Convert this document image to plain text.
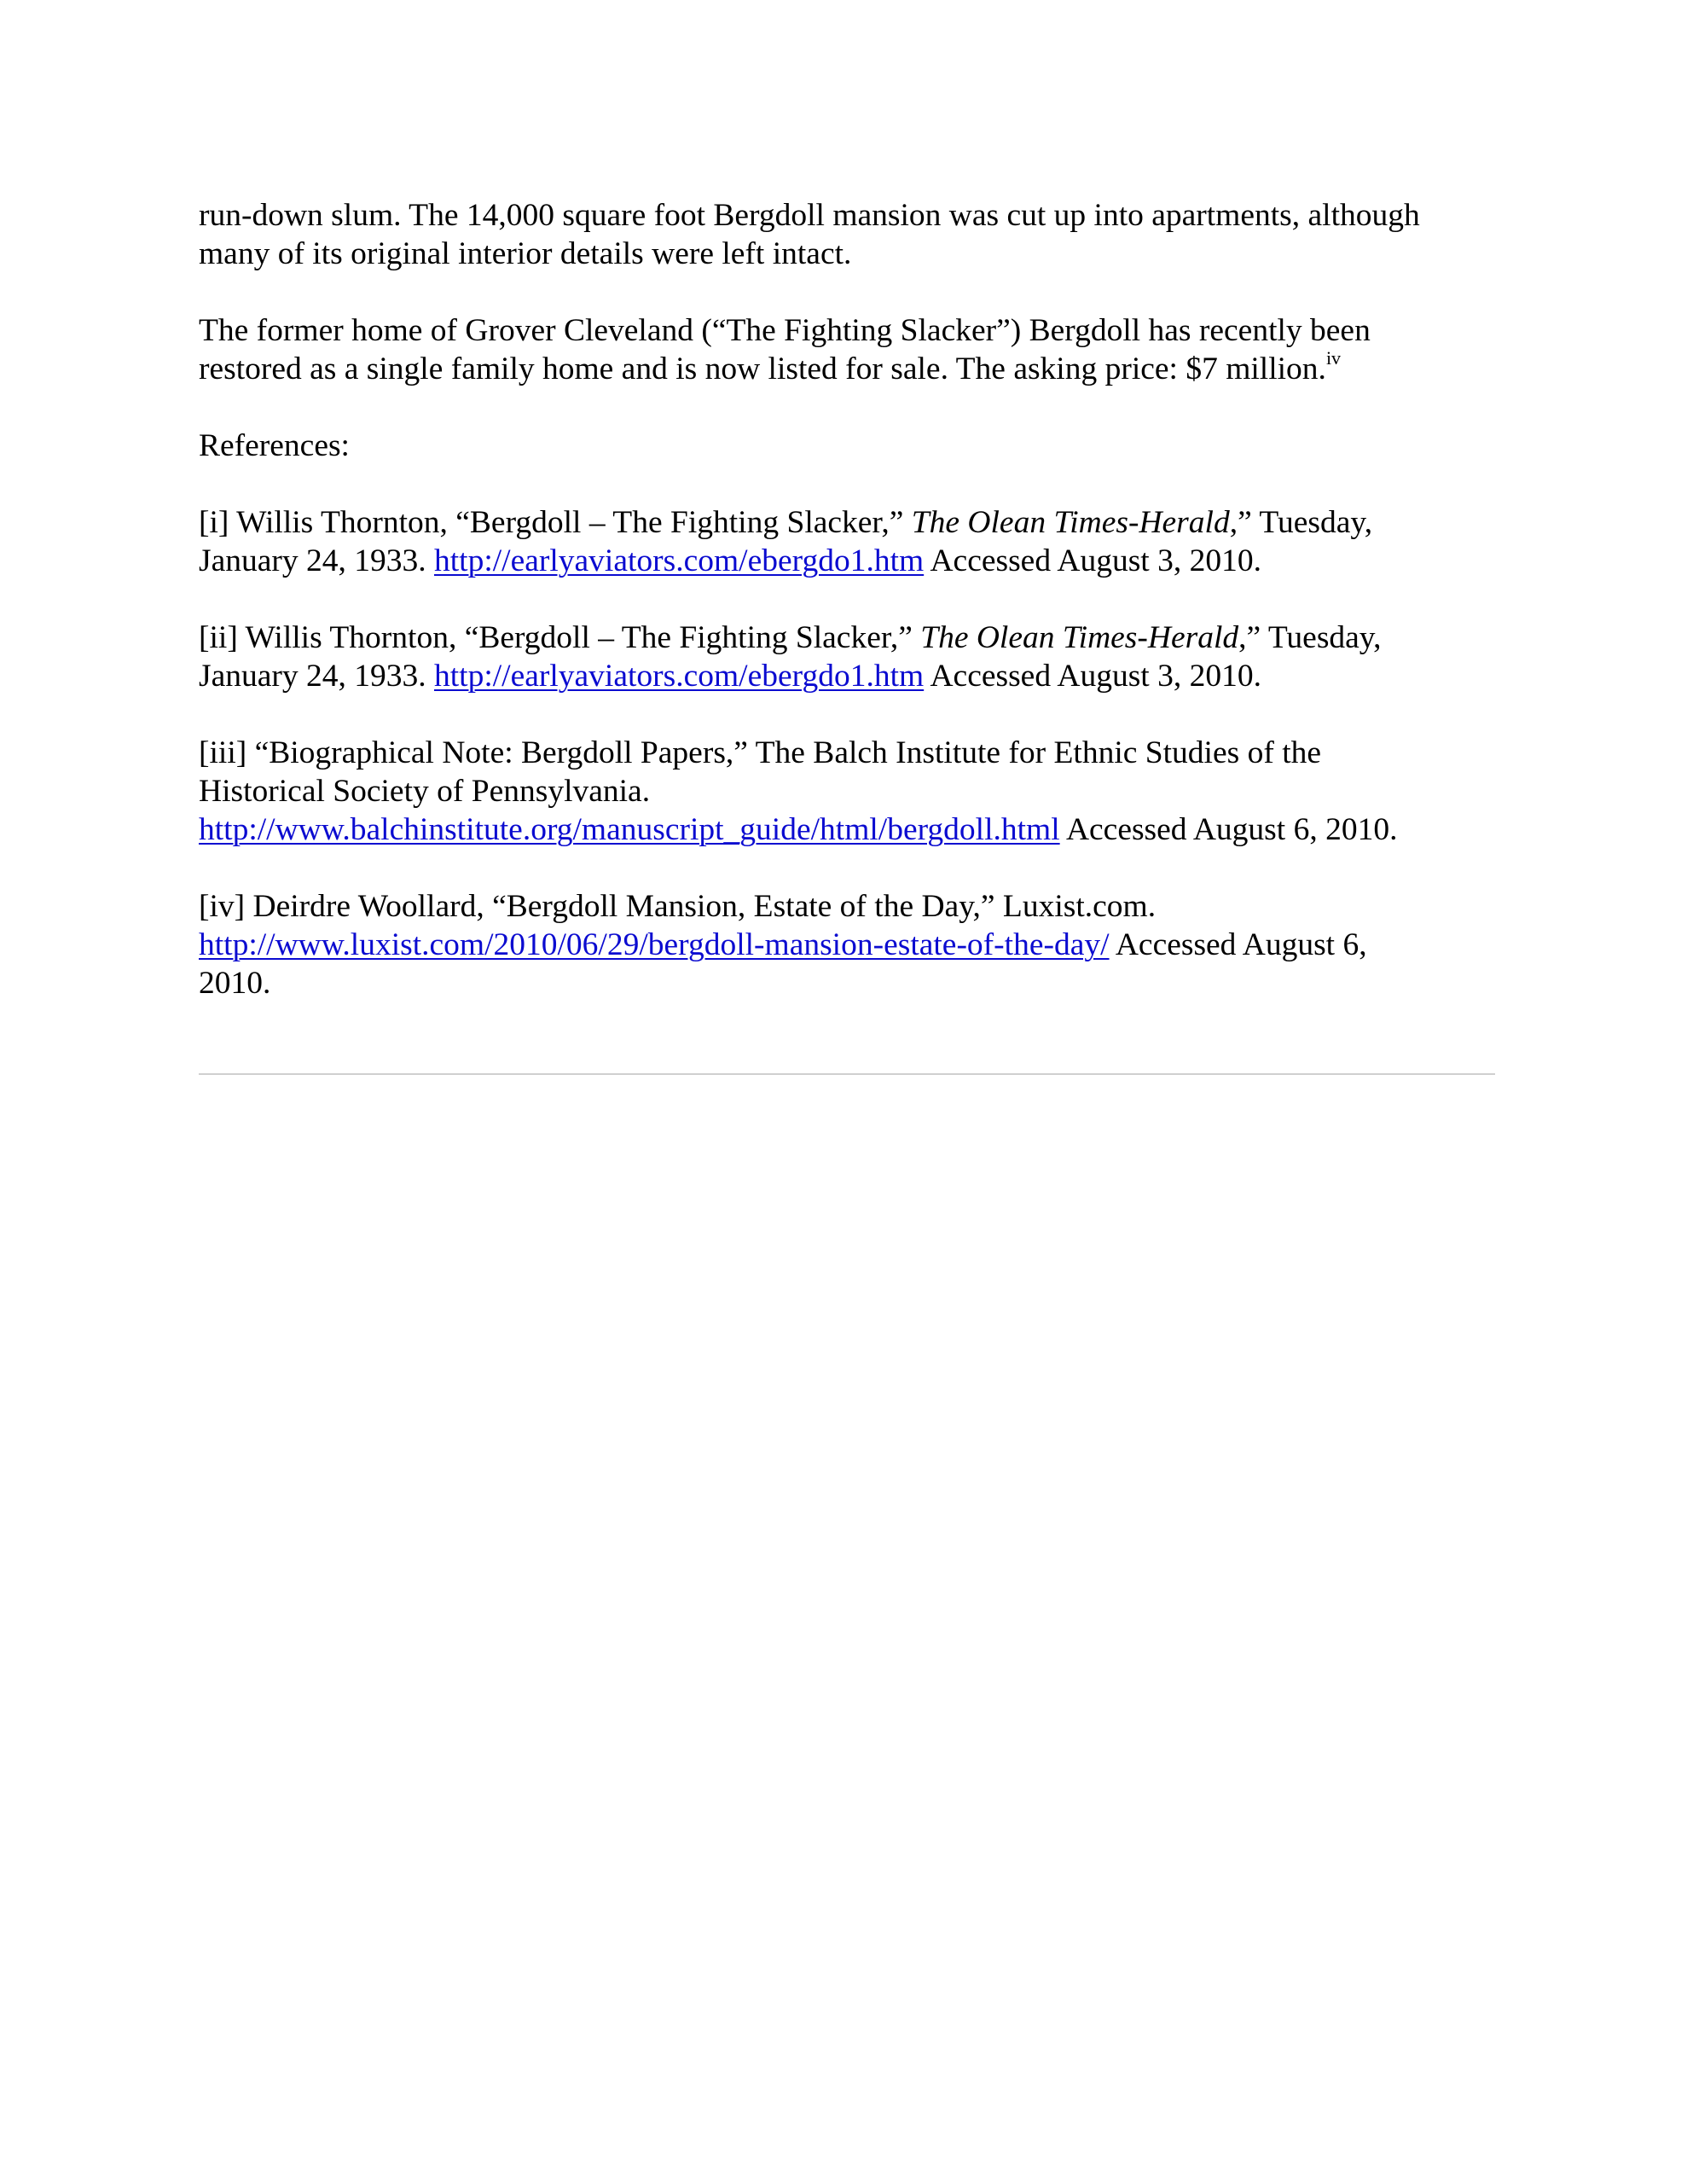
run-down slum. The 14,000 square foot Bergdoll mansion was cut up into apartments, although
many of its original interior details were left intact.

The former home of Grover Cleveland (“The Fighting Slacker”) Bergdoll has recently been
restored as a single family home and is now listed for sale. The asking price: $7 million.$^{iv}$

References:

[i] Willis Thornton, “Bergdoll – The Fighting Slacker,” The Olean Times-Herald,” Tuesday,
January 24, 1933. http://earlyaviators.com/ebergdo1.htm Accessed August 3, 2010.

[ii] Willis Thornton, “Bergdoll – The Fighting Slacker,” The Olean Times-Herald,” Tuesday,
January 24, 1933. http://earlyaviators.com/ebergdo1.htm Accessed August 3, 2010.

[iii] “Biographical Note: Bergdoll Papers,” The Balch Institute for Ethnic Studies of the
Historical Society of Pennsylvania.
http://www.balchinstitute.org/manuscript_guide/html/bergdoll.html Accessed August 6, 2010.

[iv] Deirdre Woollard, “Bergdoll Mansion, Estate of the Day,” Luxist.com.
http://www.luxist.com/2010/06/29/bergdoll-mansion-estate-of-the-day/ Accessed August 6,
2010.
